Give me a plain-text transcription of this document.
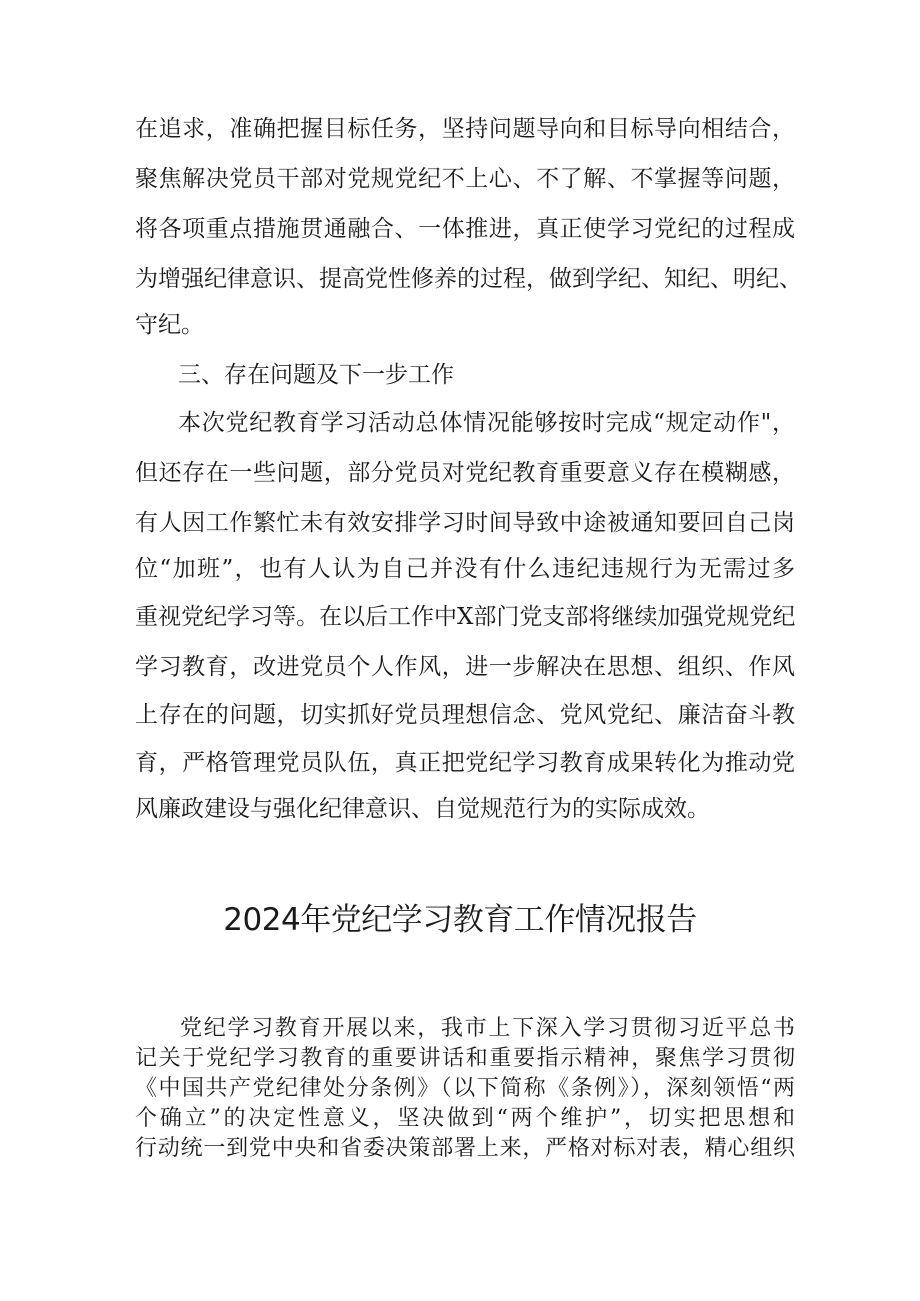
在追求，准确把握目标任务，坚持问题导向和目标导向相结合，
聚焦解决党员干部对党规党纪不上心、不了解、不掌握等问题，
将各项重点措施贯通融合、一体推进，真正使学习党纪的过程成
为增强纪律意识、提高党性修养的过程，做到学纪、知纪、明纪、
守纪。
三、存在问题及下一步工作
本次党纪教育学习活动总体情况能够按时完成“规定动作"，
但还存在一些问题，部分党员对党纪教育重要意义存在模糊感，
有人因工作繁忙未有效安排学习时间导致中途被通知要回自己岗
位“加班”，也有人认为自己并没有什么违纪违规行为无需过多
重视党纪学习等。在以后工作中X部门党支部将继续加强党规党纪
学习教育，改进党员个人作风，进一步解决在思想、组织、作风
上存在的问题，切实抓好党员理想信念、党风党纪、廉洁奋斗教
育，严格管理党员队伍，真正把党纪学习教育成果转化为推动党
风廉政建设与强化纪律意识、自觉规范行为的实际成效。
2024年党纪学习教育工作情况报告
党纪学习教育开展以来，我市上下深入学习贯彻习近平总书
记关于党纪学习教育的重要讲话和重要指示精神，聚焦学习贯彻
《中国共产党纪律处分条例》（以下简称《条例》），深刻领悟“两
个确立”的决定性意义，坚决做到“两个维护”，切实把思想和
行动统一到党中央和省委决策部署上来，严格对标对表，精心组织
